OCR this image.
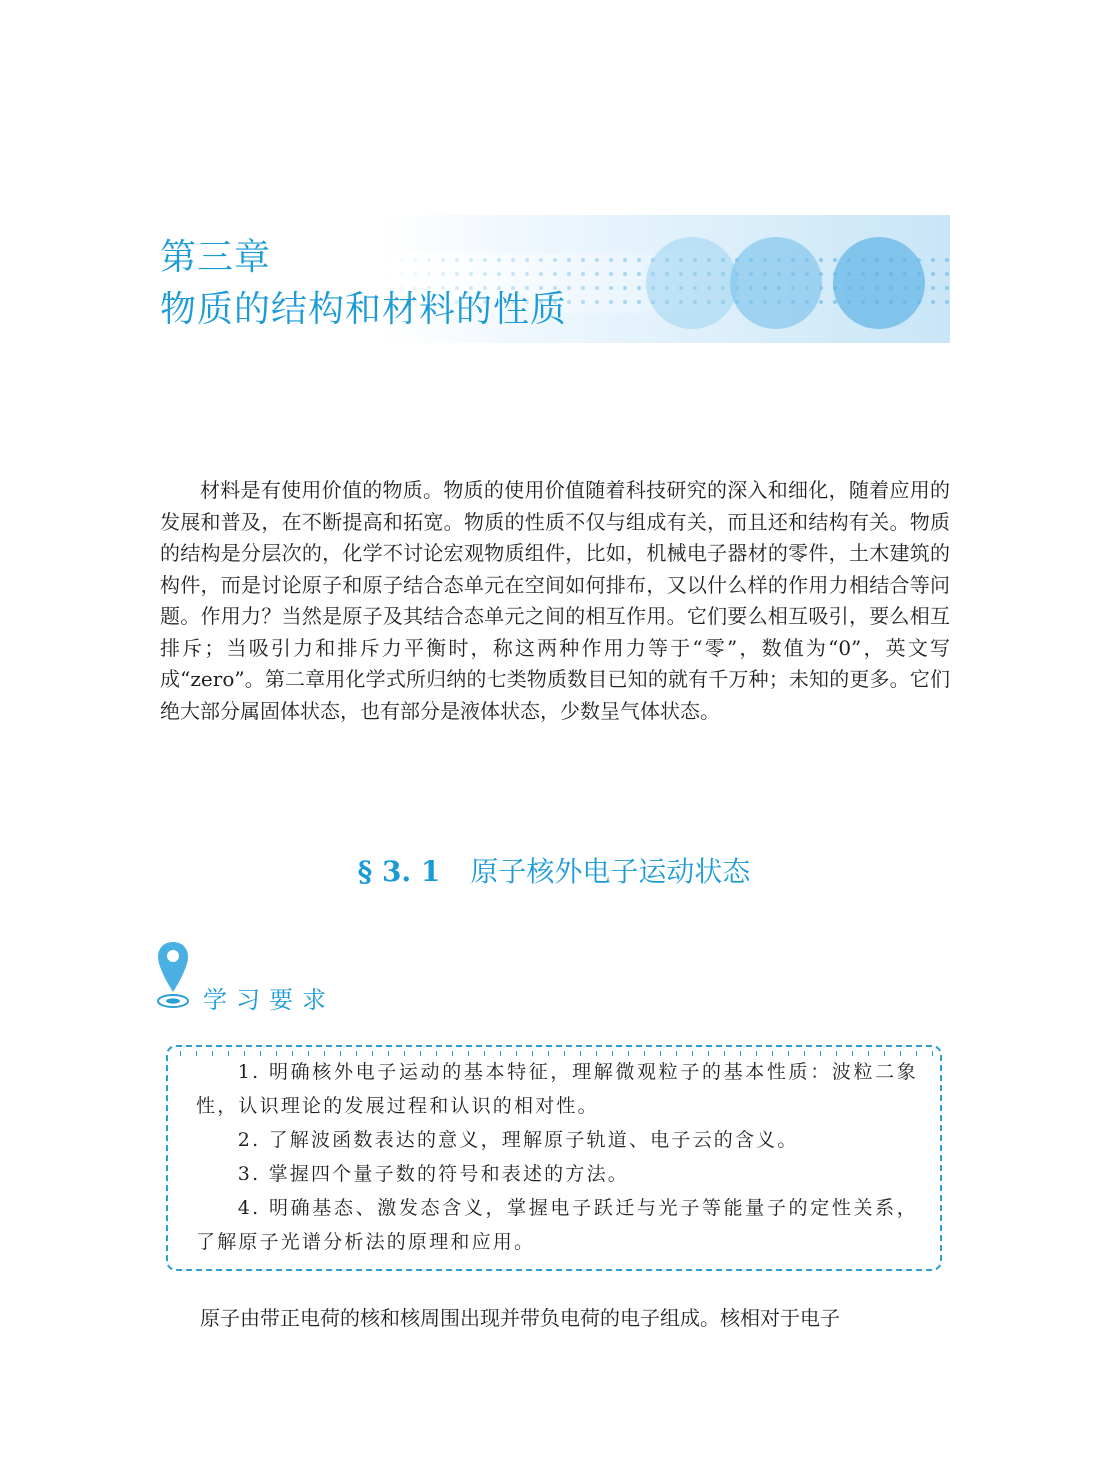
第三章
物质的结构和材料的性质

材料是有使用价值的物质。物质的使用价值随着科技研究的深入和细化，随着应用的发展和普及，在不断提高和拓宽。物质的性质不仅与组成有关，而且还和结构有关。物质的结构是分层次的，化学不讨论宏观物质组件，比如，机械电子器材的零件，土木建筑的构件，而是讨论原子和原子结合态单元在空间如何排布，又以什么样的作用力相结合等问题。作用力？当然是原子及其结合态单元之间的相互作用。它们要么相互吸引，要么相互排斥；当吸引力和排斥力平衡时，称这两种作用力等于“零”，数值为“0”，英文写成“zero”。第二章用化学式所归纳的七类物质数目已知的就有千万种；未知的更多。它们绝大部分属固体状态，也有部分是液体状态，少数呈气体状态。

§ 3. 1 原子核外电子运动状态
学习要求
1. 明确核外电子运动的基本特征，理解微观粒子的基本性质：波粒二象性，认识理论的发展过程和认识的相对性。
2. 了解波函数表达的意义，理解原子轨道、电子云的含义。
3. 掌握四个量子数的符号和表述的方法。
4. 明确基态、激发态含义，掌握电子跃迁与光子等能量子的定性关系，了解原子光谱分析法的原理和应用。

原子由带正电荷的核和核周围出现并带负电荷的电子组成。核相对于电子
